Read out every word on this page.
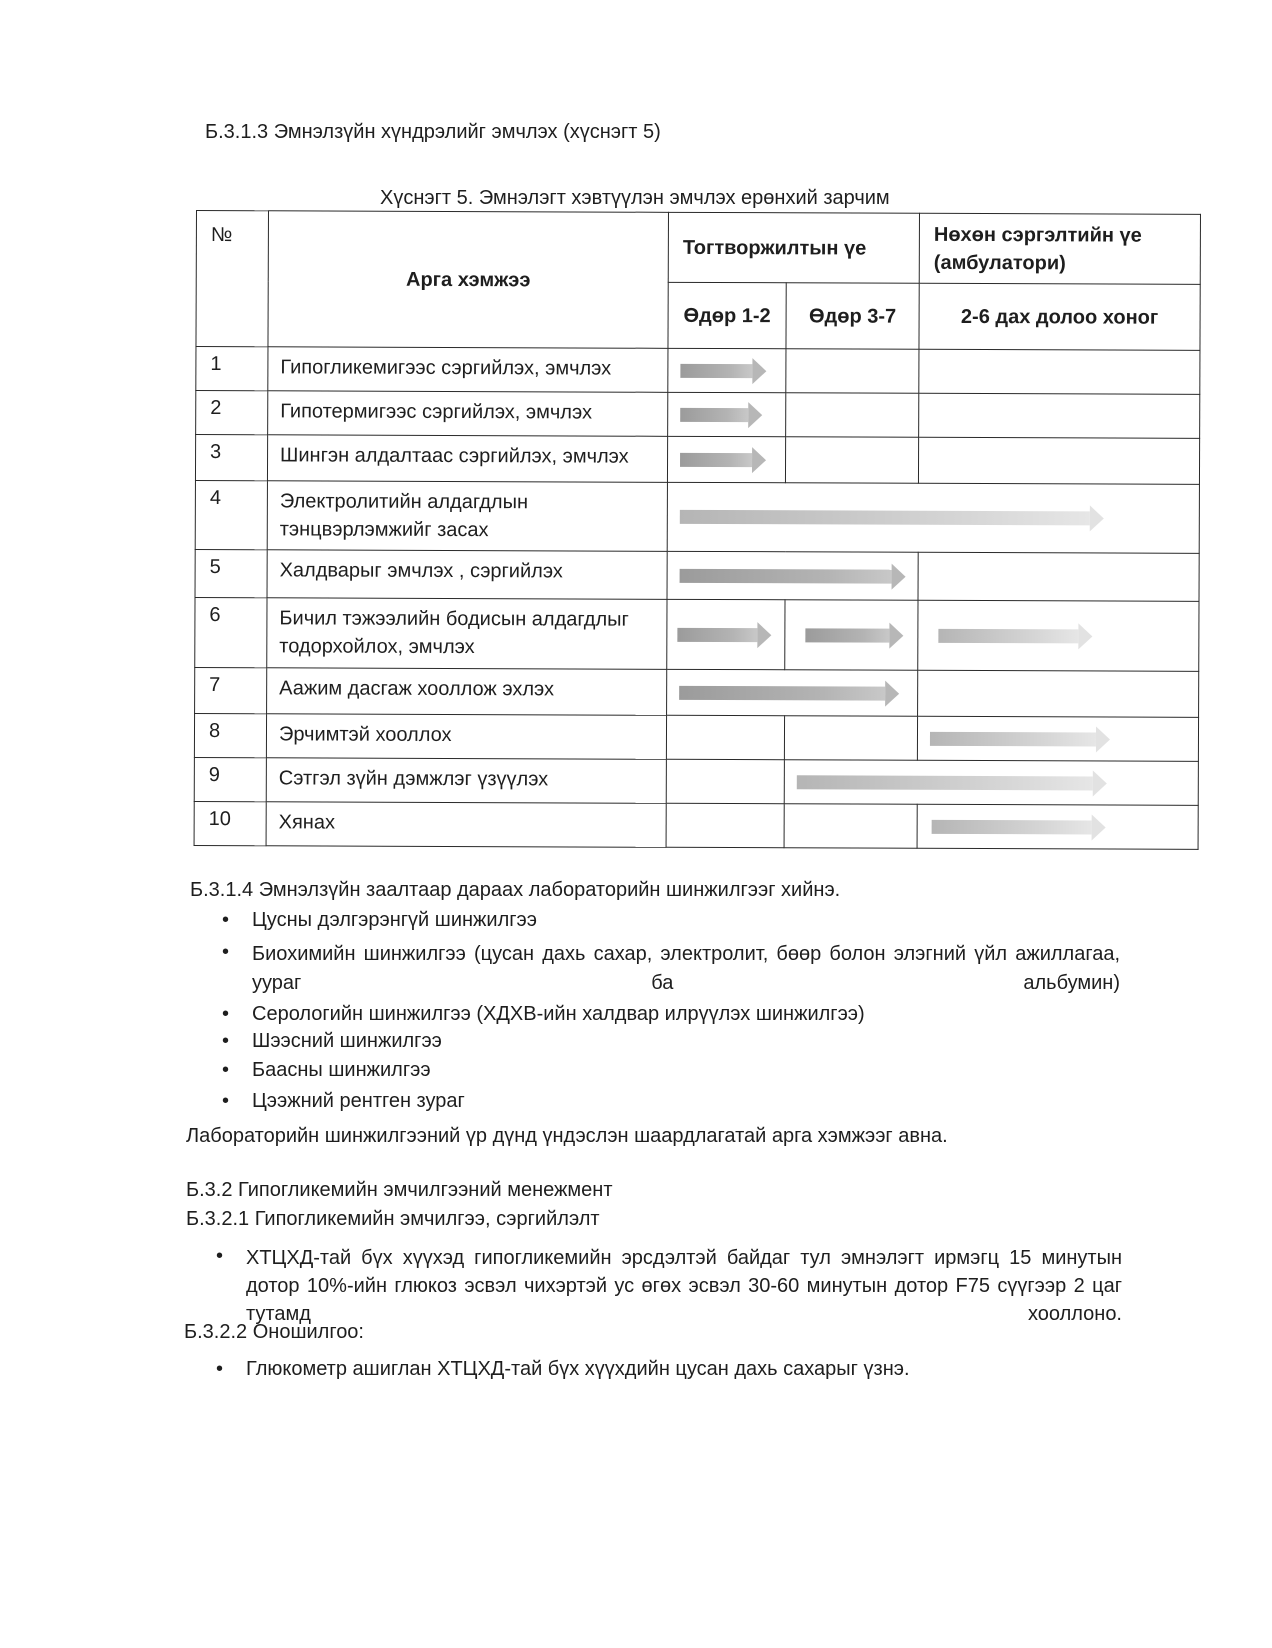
Б.3.1.3 Эмнэлзүйн хүндрэлийг эмчлэх (хүснэгт 5)
Хүснэгт 5. Эмнэлэгт хэвтүүлэн эмчлэх ерөнхий зарчим
№	Арга хэмжээ	Тогтворжилтын үе		Нөхөн сэргэлтийн үе (амбулатори)
		Өдөр 1-2	Өдөр 3-7	2-6 дах долоо хоног
1	Гипогликемигээс сэргийлэх, эмчлэх	

2	Гипотермигээс сэргийлэх, эмчлэх	

3	Шингэн алдалтаас сэргийлэх, эмчлэх	

4	Электролитийн алдагдлын тэнцвэрлэмжийг засах			

5	Халдварыг эмчлэх , сэргийлэх		

6	Бичил тэжээлийн бодисын алдагдлыг тодорхойлох, эмчлэх	

7	Аажим дасгаж хооллож эхлэх		

8	Эрчимтэй хооллох			

9	Сэтгэл зүйн дэмжлэг үзүүлэх			

10	Хянах			
Б.3.1.4 Эмнэлзүйн заалтаар дараах лабораторийн шинжилгээг хийнэ.
• Цусны дэлгэрэнгүй шинжилгээ
• Биохимийн шинжилгээ (цусан дахь сахар, электролит, бөөр болон элэгний үйл ажиллагаа, уураг ба альбумин)
• Серологийн шинжилгээ (ХДХВ-ийн халдвар илрүүлэх шинжилгээ)
• Шээсний шинжилгээ
• Баасны шинжилгээ
• Цээжний рентген зураг
Лабораторийн шинжилгээний үр дүнд үндэслэн шаардлагатай арга хэмжээг авна.
Б.3.2 Гипогликемийн эмчилгээний менежмент
Б.3.2.1 Гипогликемийн эмчилгээ, сэргийлэлт
• ХТЦХД-тай бүх хүүхэд гипогликемийн эрсдэлтэй байдаг тул эмнэлэгт ирмэгц 15 минутын дотор 10%-ийн глюкоз эсвэл чихэртэй ус өгөх эсвэл 30-60 минутын дотор F75 сүүгээр 2 цаг тутамд хооллоно.
Б.3.2.2 Оношилгоо:
• Глюкометр ашиглан ХТЦХД-тай бүх хүүхдийн цусан дахь сахарыг үзнэ.
